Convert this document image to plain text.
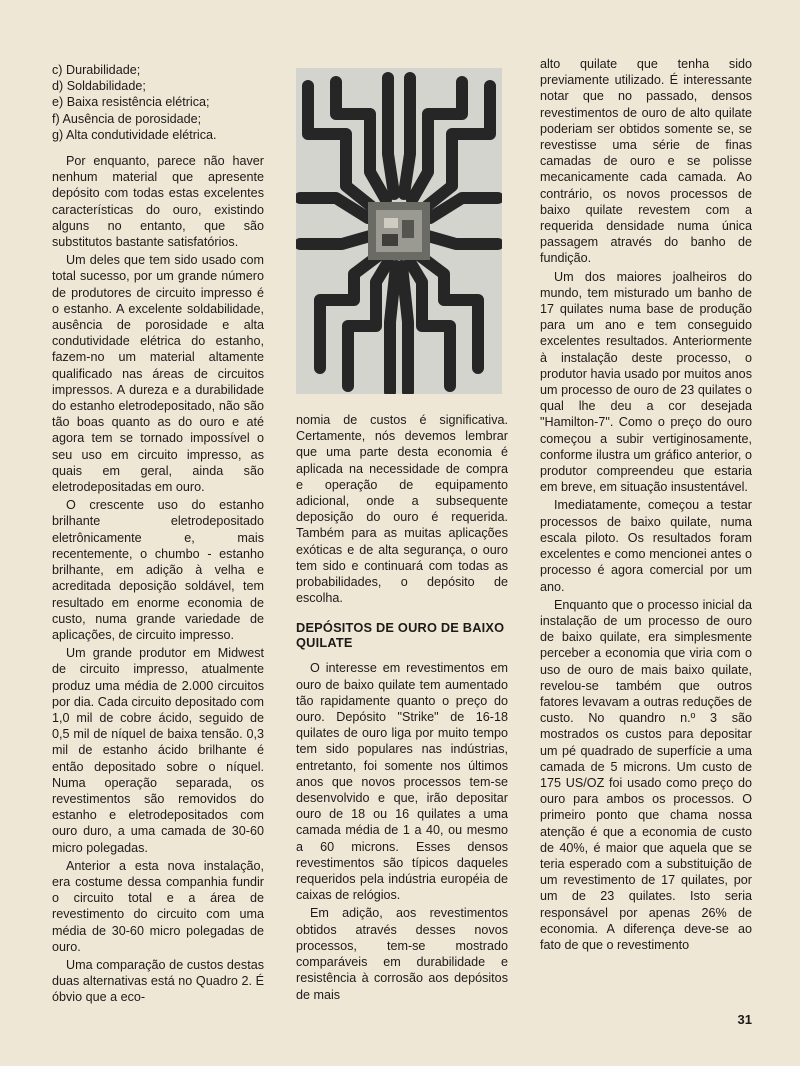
c) Durabilidade;
d) Soldabilidade;
e) Baixa resistência elétrica;
f) Ausência de porosidade;
g) Alta condutividade elétrica.

Por enquanto, parece não haver nenhum material que apresente depósito com todas estas excelentes características do ouro, existindo alguns no entanto, que são substitutos bastante satisfatórios.

Um deles que tem sido usado com total sucesso, por um grande número de produtores de circuito impresso é o estanho. A excelente soldabilidade, ausência de porosidade e alta condutividade elétrica do estanho, fazem-no um material altamente qualificado nas áreas de circuitos impressos. A dureza e a durabilidade do estanho eletrodepositado, não são tão boas quanto as do ouro e até agora tem se tornado impossível o seu uso em circuito impresso, as quais em geral, ainda são eletrodepositadas em ouro.

O crescente uso do estanho brilhante eletrodepositado eletrônicamente e, mais recentemente, o chumbo - estanho brilhante, em adição à velha e acreditada deposição soldável, tem resultado em enorme economia de custo, numa grande variedade de aplicações, de circuito impresso.

Um grande produtor em Midwest de circuito impresso, atualmente produz uma média de 2.000 circuitos por dia. Cada circuito depositado com 1,0 mil de cobre ácido, seguido de 0,5 mil de níquel de baixa tensão. 0,3 mil de estanho ácido brilhante é então depositado sobre o níquel. Numa operação separada, os revestimentos são removidos do estanho e eletrodepositados com ouro duro, a uma camada de 30-60 micro polegadas.

Anterior a esta nova instalação, era costume dessa companhia fundir o circuito total e a área de revestimento do circuito com uma média de 30-60 micro polegadas de ouro.

Uma comparação de custos destas duas alternativas está no Quadro 2. É óbvio que a eco-

nomia de custos é significativa. Certamente, nós devemos lembrar que uma parte desta economia é aplicada na necessidade de compra e operação de equipamento adicional, onde a subsequente deposição do ouro é requerida. Também para as muitas aplicações exóticas e de alta segurança, o ouro tem sido e continuará com todas as probabilidades, o depósito de escolha.

DEPÓSITOS DE OURO DE BAIXO QUILATE

O interesse em revestimentos em ouro de baixo quilate tem aumentado tão rapidamente quanto o preço do ouro. Depósito "Strike" de 16-18 quilates de ouro liga por muito tempo tem sido populares nas indústrias, entretanto, foi somente nos últimos anos que novos processos tem-se desenvolvido e que, irão depositar ouro de 18 ou 16 quilates a uma camada média de 1 a 40, ou mesmo a 60 microns. Esses densos revestimentos são típicos daqueles requeridos pela indústria européia de caixas de relógios.

Em adição, aos revestimentos obtidos através desses novos processos, tem-se mostrado comparáveis em durabilidade e resistência à corrosão aos depósitos de mais

alto quilate que tenha sido previamente utilizado. É interessante notar que no passado, densos revestimentos de ouro de alto quilate poderiam ser obtidos somente se, se revestisse uma série de finas camadas de ouro e se polisse mecanicamente cada camada. Ao contrário, os novos processos de baixo quilate revestem com a requerida densidade numa única passagem através do banho de fundição.

Um dos maiores joalheiros do mundo, tem misturado um banho de 17 quilates numa base de produção para um ano e tem conseguido excelentes resultados. Anteriormente à instalação deste processo, o produtor havia usado por muitos anos um processo de ouro de 23 quilates o qual lhe deu a cor desejada "Hamilton-7". Como o preço do ouro começou a subir vertiginosamente, conforme ilustra um gráfico anterior, o produtor compreendeu que estaria em breve, em situação insustentável.

Imediatamente, começou a testar processos de baixo quilate, numa escala piloto. Os resultados foram excelentes e como mencionei antes o processo é agora comercial por um ano.

Enquanto que o processo inicial da instalação de um processo de ouro de baixo quilate, era simplesmente perceber a economia que viria com o uso de ouro de mais baixo quilate, revelou-se também que outros fatores levavam a outras reduções de custo. No quandro n.º 3 são mostrados os custos para depositar um pé quadrado de superfície a uma camada de 5 microns. Um custo de 175 US/OZ foi usado como preço do ouro para ambos os processos. O primeiro ponto que chama nossa atenção é que a economia de custo de 40%, é maior que aquela que se teria esperado com a substituição de um revestimento de 17 quilates, por um de 23 quilates. Isto seria responsável por apenas 26% de economia. A diferença deve-se ao fato de que o revestimento

31
